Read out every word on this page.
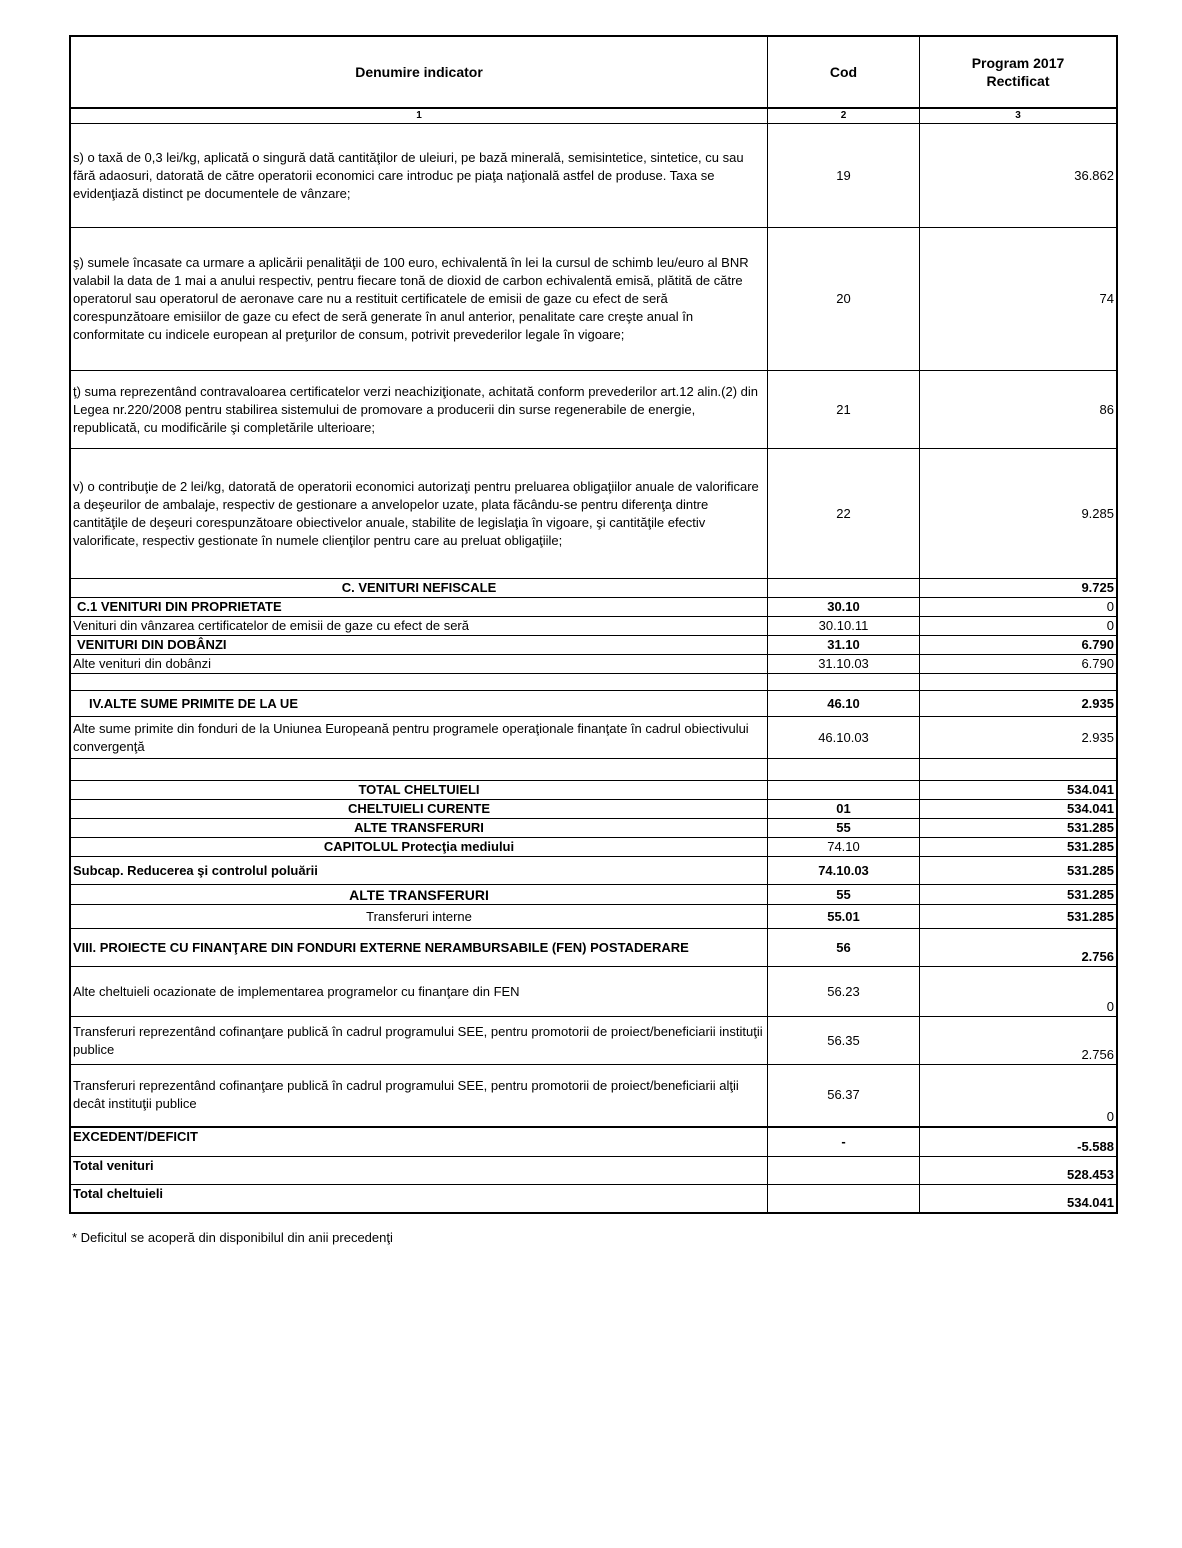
Denumire indicator	Cod	Program 2017
Rectificat
1	2	3
s) o taxă de 0,3 lei/kg, aplicată o singură dată cantităţilor de uleiuri, pe bază minerală, semisintetice, sintetice, cu sau fără adaosuri, datorată de către operatorii economici care introduc pe piaţa naţională astfel de produse. Taxa se evidenţiază distinct pe documentele de vânzare;	19	36.862
ş) sumele încasate ca urmare a aplicării penalităţii de 100 euro, echivalentă în lei la cursul de schimb leu/euro al BNR valabil la data de 1 mai a anului respectiv, pentru fiecare tonă de dioxid de carbon echivalentă emisă, plătită de către operatorul sau operatorul de aeronave care nu a restituit certificatele de emisii de gaze cu efect de seră corespunzătoare emisiilor de gaze cu efect de seră generate în anul anterior, penalitate care creşte anual în conformitate cu indicele european al preţurilor de consum, potrivit prevederilor legale în vigoare;	20	74
ţ) suma reprezentând contravaloarea certificatelor verzi neachiziţionate, achitată conform prevederilor art.12 alin.(2) din Legea nr.220/2008 pentru stabilirea sistemului de promovare a producerii din surse regenerabile de energie, republicată, cu modificările şi completările ulterioare;	21	86
v) o contribuţie de 2 lei/kg, datorată de operatorii economici autorizaţi pentru preluarea obligaţiilor anuale de valorificare a deşeurilor de ambalaje, respectiv de gestionare a anvelopelor uzate, plata făcându-se pentru diferenţa dintre cantităţile de deşeuri corespunzătoare obiectivelor anuale, stabilite de legislaţia în vigoare, şi cantităţile efectiv valorificate, respectiv gestionate în numele clienţilor pentru care au preluat obligaţiile;	22	9.285
C. VENITURI NEFISCALE		9.725
C.1 VENITURI DIN PROPRIETATE	30.10	0
Venituri din vânzarea certificatelor de emisii de gaze cu efect de seră	30.10.11	0
VENITURI DIN DOBÂNZI	31.10	6.790
Alte venituri din dobânzi	31.10.03	6.790

IV.ALTE SUME PRIMITE DE LA UE	46.10	2.935
Alte sume primite din fonduri de la Uniunea Europeană pentru programele operaţionale finanţate în cadrul obiectivului convergenţă	46.10.03	2.935

TOTAL CHELTUIELI		534.041
CHELTUIELI CURENTE	01	534.041
ALTE TRANSFERURI	55	531.285
CAPITOLUL Protecţia mediului	74.10	531.285
Subcap. Reducerea şi controlul poluării	74.10.03	531.285
ALTE TRANSFERURI	55	531.285
Transferuri interne	55.01	531.285
VIII. PROIECTE CU FINANŢARE DIN FONDURI EXTERNE NERAMBURSABILE (FEN) POSTADERARE	56	2.756
Alte cheltuieli ocazionate de implementarea programelor cu finanţare din FEN	56.23	0
Transferuri reprezentând cofinanţare publică în cadrul programului SEE, pentru promotorii de proiect/beneficiarii instituţii publice	56.35	2.756
Transferuri reprezentând cofinanţare publică în cadrul programului SEE, pentru promotorii de proiect/beneficiarii alţii decât instituţii publice	56.37	0
EXCEDENT/DEFICIT	-	-5.588
Total venituri		528.453
Total cheltuieli		534.041
* Deficitul se acoperă din disponibilul din anii precedenţi
